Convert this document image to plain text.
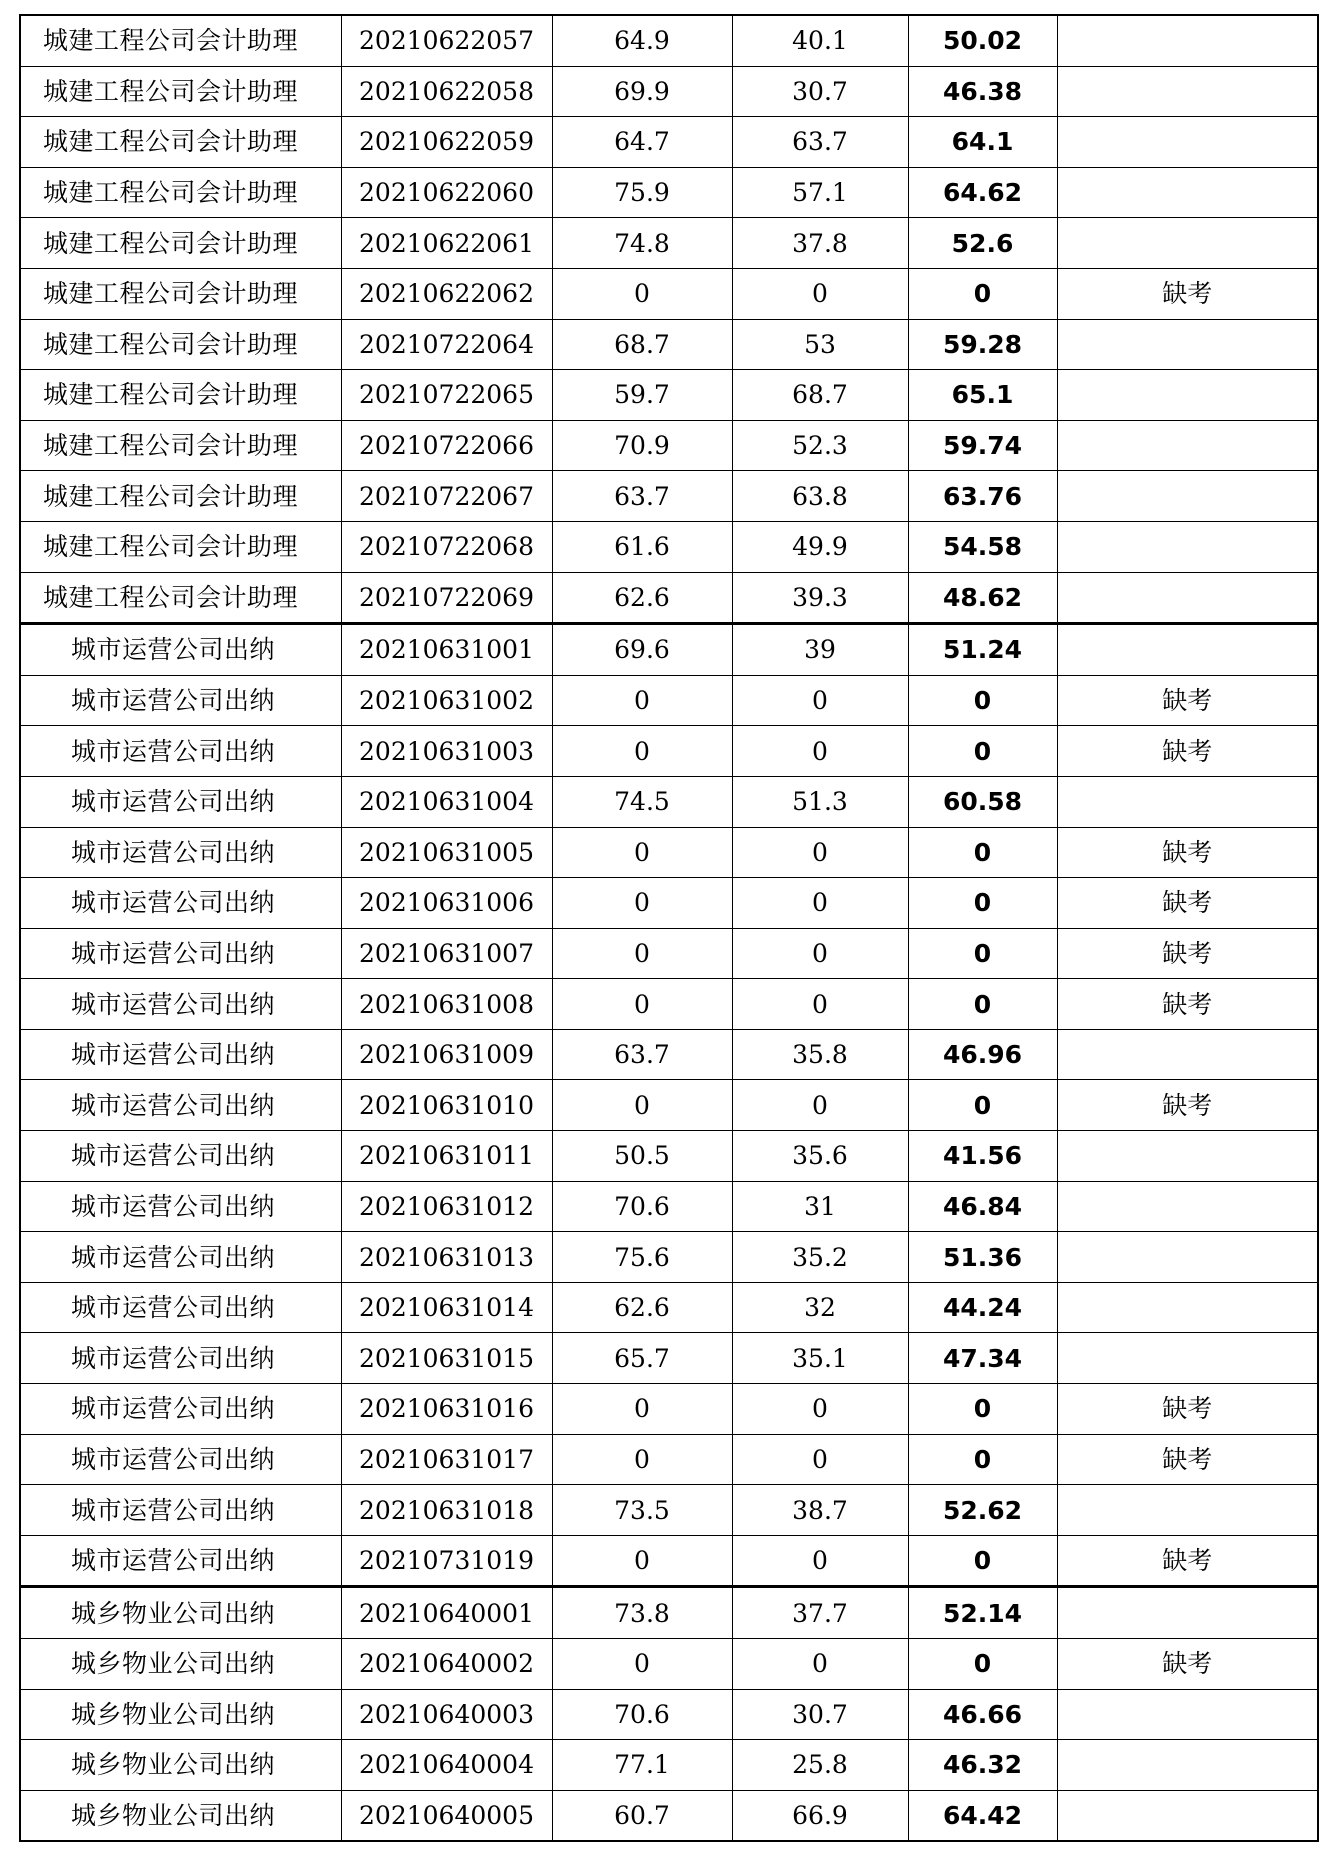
城建工程公司会计助理	20210622057	64.9	40.1	50.02	
城建工程公司会计助理	20210622058	69.9	30.7	46.38	
城建工程公司会计助理	20210622059	64.7	63.7	64.1	
城建工程公司会计助理	20210622060	75.9	57.1	64.62	
城建工程公司会计助理	20210622061	74.8	37.8	52.6	
城建工程公司会计助理	20210622062	0	0	0	缺考
城建工程公司会计助理	20210722064	68.7	53	59.28	
城建工程公司会计助理	20210722065	59.7	68.7	65.1	
城建工程公司会计助理	20210722066	70.9	52.3	59.74	
城建工程公司会计助理	20210722067	63.7	63.8	63.76	
城建工程公司会计助理	20210722068	61.6	49.9	54.58	
城建工程公司会计助理	20210722069	62.6	39.3	48.62	
城市运营公司出纳	20210631001	69.6	39	51.24	
城市运营公司出纳	20210631002	0	0	0	缺考
城市运营公司出纳	20210631003	0	0	0	缺考
城市运营公司出纳	20210631004	74.5	51.3	60.58	
城市运营公司出纳	20210631005	0	0	0	缺考
城市运营公司出纳	20210631006	0	0	0	缺考
城市运营公司出纳	20210631007	0	0	0	缺考
城市运营公司出纳	20210631008	0	0	0	缺考
城市运营公司出纳	20210631009	63.7	35.8	46.96	
城市运营公司出纳	20210631010	0	0	0	缺考
城市运营公司出纳	20210631011	50.5	35.6	41.56	
城市运营公司出纳	20210631012	70.6	31	46.84	
城市运营公司出纳	20210631013	75.6	35.2	51.36	
城市运营公司出纳	20210631014	62.6	32	44.24	
城市运营公司出纳	20210631015	65.7	35.1	47.34	
城市运营公司出纳	20210631016	0	0	0	缺考
城市运营公司出纳	20210631017	0	0	0	缺考
城市运营公司出纳	20210631018	73.5	38.7	52.62	
城市运营公司出纳	20210731019	0	0	0	缺考
城乡物业公司出纳	20210640001	73.8	37.7	52.14	
城乡物业公司出纳	20210640002	0	0	0	缺考
城乡物业公司出纳	20210640003	70.6	30.7	46.66	
城乡物业公司出纳	20210640004	77.1	25.8	46.32	
城乡物业公司出纳	20210640005	60.7	66.9	64.42	
